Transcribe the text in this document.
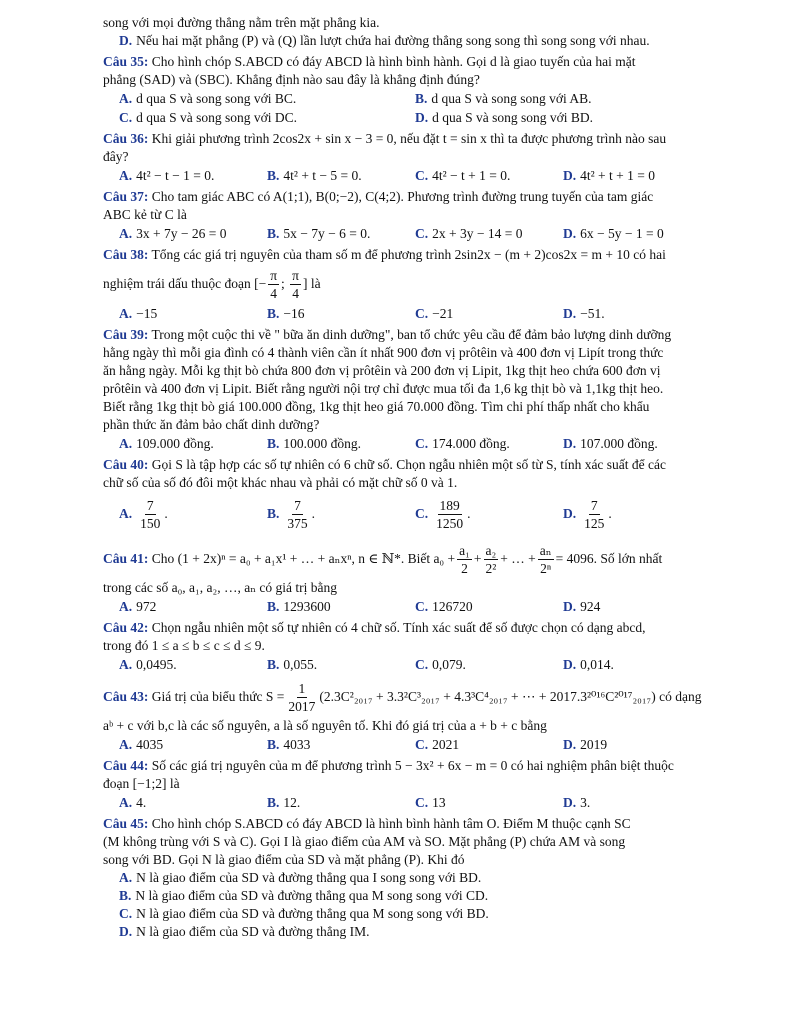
song với mọi đường thẳng nằm trên mặt phẳng kia.
D. Nếu hai mặt phẳng (P) và (Q) lần lượt chứa hai đường thẳng song song thì song song với nhau.
Câu 35: Cho hình chóp S.ABCD có đáy ABCD là hình bình hành. Gọi d là giao tuyến của hai mặt
phẳng (SAD) và (SBC). Khẳng định nào sau đây là khẳng định đúng?
A. d qua S và song song với BC.	B. d qua S và song song với AB.
C. d qua S và song song với DC.	D. d qua S và song song với BD.
Câu 36: Khi giải phương trình 2cos2x + sin x − 3 = 0, nếu đặt t = sin x thì ta được phương trình nào sau
đây?
A. 4t² − t − 1 = 0.	B. 4t² + t − 5 = 0.	C. 4t² − t + 1 = 0.	D. 4t² + t + 1 = 0
Câu 37: Cho tam giác ABC có A(1;1), B(0;−2), C(4;2). Phương trình đường trung tuyến của tam giác
ABC kẻ từ C là
A. 3x + 7y − 26 = 0	B. 5x − 7y − 6 = 0.	C. 2x + 3y − 14 = 0	D. 6x − 5y − 1 = 0
Câu 38: Tổng các giá trị nguyên của tham số m để phương trình 2sin2x − (m + 2)cos2x = m + 10 có hai
nghiệm trái dấu thuộc đoạn [− $\frac{\pi}{4}$ ; $\frac{\pi}{4}$ ] là
A. −15	B. −16	C. −21	D. −51.
Câu 39: Trong một cuộc thi về " bữa ăn dinh dưỡng", ban tổ chức yêu cầu để đảm bảo lượng dinh dưỡng
hằng ngày thì mỗi gia đình có 4 thành viên cần ít nhất 900 đơn vị prôtêin và 400 đơn vị Lipít trong thức
ăn hằng ngày. Mỗi kg thịt bò chứa 800 đơn vị prôtêin và 200 đơn vị Lipit, 1kg thịt heo chứa 600 đơn vị
prôtêin và 400 đơn vị Lipit. Biết rằng người nội trợ chỉ được mua tối đa 1,6 kg thịt bò và 1,1kg thịt heo.
Biết rằng 1kg thịt bò giá 100.000 đồng, 1kg thịt heo giá 70.000 đồng. Tìm chi phí thấp nhất cho khẩu
phần thức ăn đảm bảo chất dinh dưỡng?
A. 109.000 đồng.	B. 100.000 đồng.	C. 174.000 đồng.	D. 107.000 đồng.
Câu 40: Gọi S là tập hợp các số tự nhiên có 6 chữ số. Chọn ngẫu nhiên một số từ S, tính xác suất để các
chữ số của số đó đôi một khác nhau và phải có mặt chữ số 0 và 1.
A. $\frac{7}{150}$ .	B. $\frac{7}{375}$ .	C. $\frac{189}{1250}$ .	D. $\frac{7}{125}$ .
Câu 41: Cho (1 + 2x)ⁿ = a₀ + a₁x¹ + … + aₙxⁿ, n ∈ ℕ*. Biết $a_0 + \frac{\text{a₁}}{2} + \frac{\text{a₂}}{\text{2²}}$ + … + $\frac{\text{aₙ}}{\text{2ⁿ}} = 4096$. Số lớn nhất
trong các số a₀, a₁, a₂, …, aₙ có giá trị bằng
A. 972	B. 1293600	C. 126720	D. 924
Câu 42: Chọn ngẫu nhiên một số tự nhiên có 4 chữ số. Tính xác suất để số được chọn có dạng abcd,
trong đó 1 ≤ a ≤ b ≤ c ≤ d ≤ 9.
A. 0,0495.	B. 0,055.	C. 0,079.	D. 0,014.
Câu 43: Giá trị của biểu thức $S = \frac{1}{2017} (2.3C^2_{2017} + 3.3^2C^3_{2017} + 4.3^3C^4_{2017}$ + ⋯ + 2017.3²⁰¹⁶C²⁰¹⁷₂₀₁₇) có dạng
aᵇ + c với b,c là các số nguyên, a là số nguyên tố. Khi đó giá trị của a + b + c bằng
A. 4035	B. 4033	C. 2021	D. 2019
Câu 44: Số các giá trị nguyên của m để phương trình 5 − 3x² + 6x − m = 0 có hai nghiệm phân biệt thuộc
đoạn [−1;2] là
A. 4.	B. 12.	C. 13	D. 3.
Câu 45: Cho hình chóp S.ABCD có đáy ABCD là hình bình hành tâm O. Điểm M thuộc cạnh SC
(M không trùng với S và C). Gọi I là giao điểm của AM và SO. Mặt phẳng (P) chứa AM và song
song với BD. Gọi N là giao điểm của SD và mặt phẳng (P). Khi đó
A. N là giao điểm của SD và đường thẳng qua I song song với BD.
B. N là giao điểm của SD và đường thẳng qua M song song với CD.
C. N là giao điểm của SD và đường thẳng qua M song song với BD.
D. N là giao điểm của SD và đường thẳng IM.
